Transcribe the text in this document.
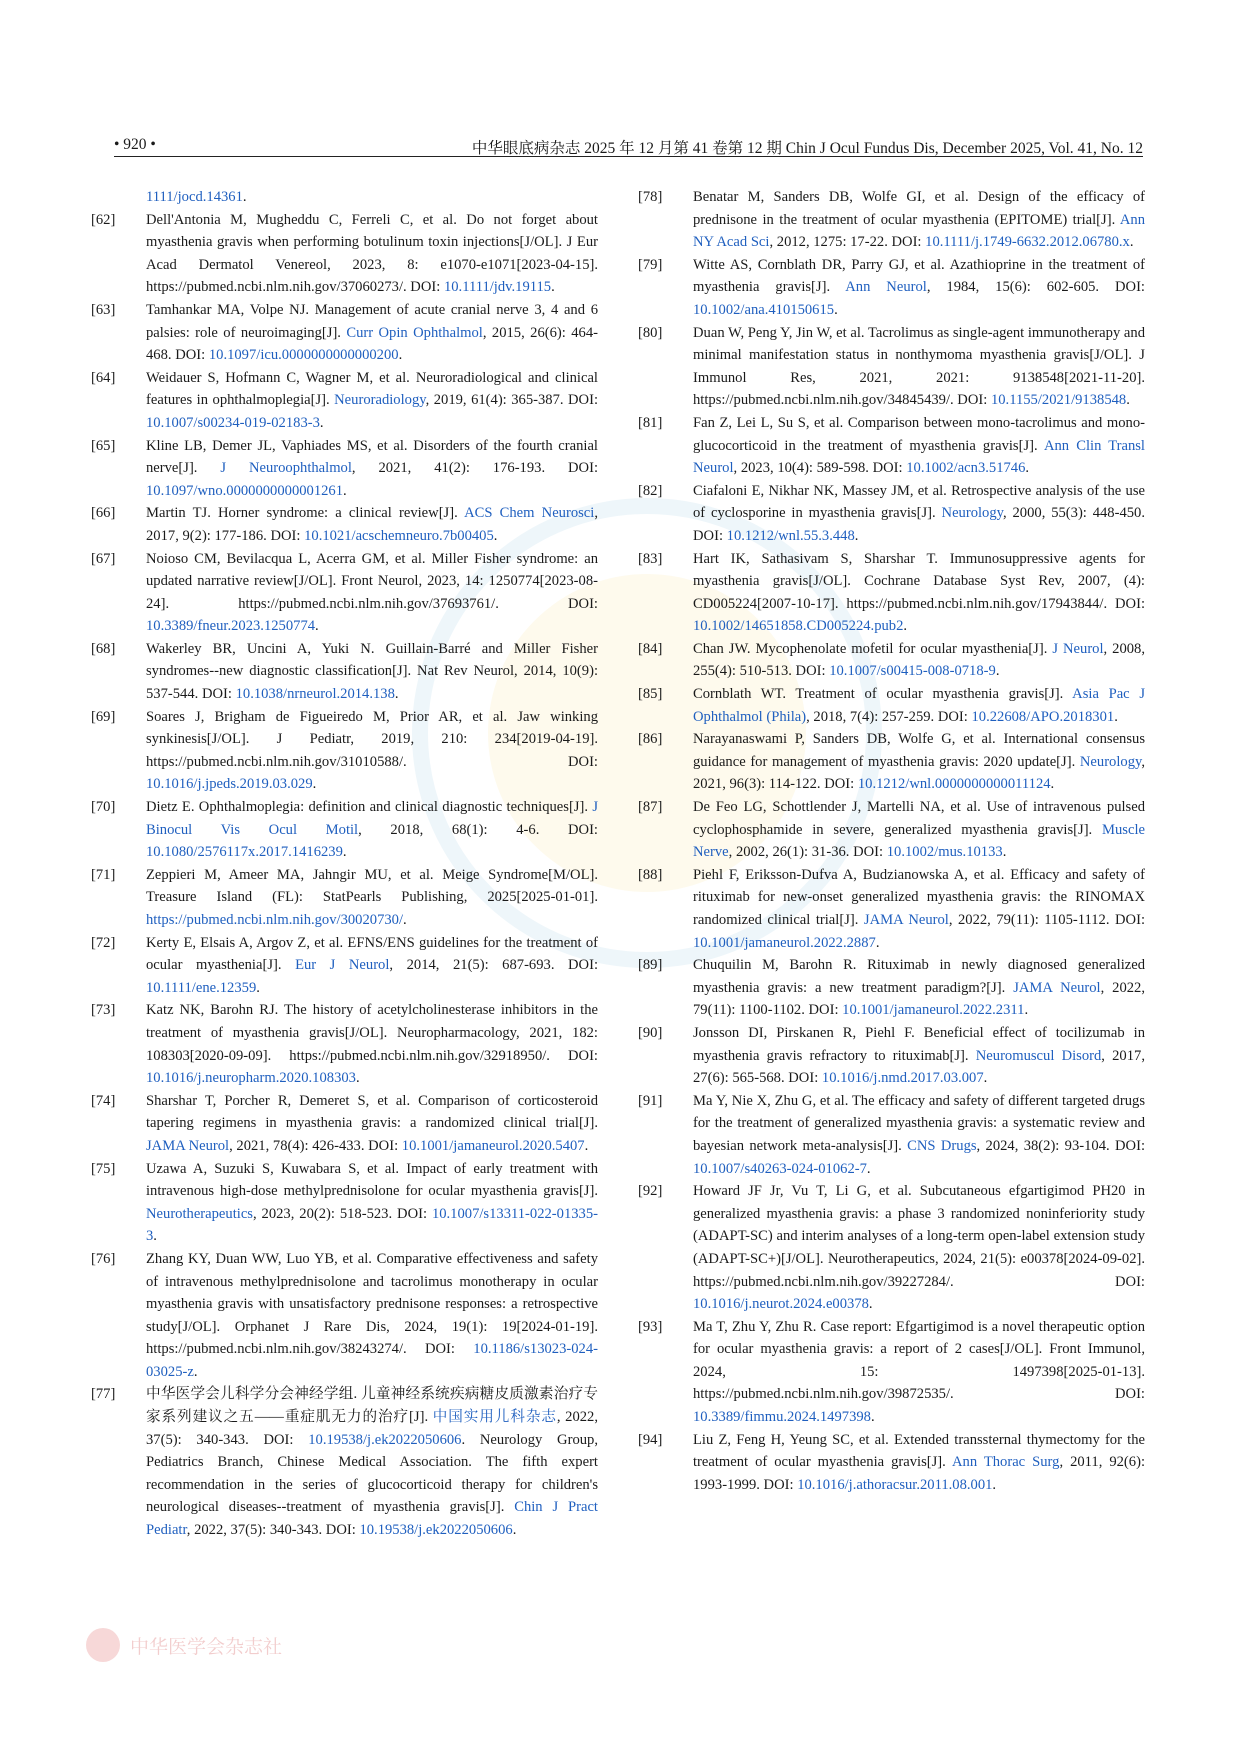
• 920 •	中华眼底病杂志 2025 年 12 月第 41 卷第 12 期 Chin J Ocul Fundus Dis, December 2025, Vol. 41, No. 12

1111/jocd.14361.

[62] Dell'Antonia M, Mugheddu C, Ferreli C, et al. Do not forget about myasthenia gravis when performing botulinum toxin injections[J/OL]. J Eur Acad Dermatol Venereol, 2023, 8: e1070-e1071[2023-04-15]. https://pubmed.ncbi.nlm.nih.gov/37060273/. DOI: 10.1111/jdv.19115.

[63] Tamhankar MA, Volpe NJ. Management of acute cranial nerve 3, 4 and 6 palsies: role of neuroimaging[J]. Curr Opin Ophthalmol, 2015, 26(6): 464-468. DOI: 10.1097/icu.0000000000000200.

[64] Weidauer S, Hofmann C, Wagner M, et al. Neuroradiological and clinical features in ophthalmoplegia[J]. Neuroradiology, 2019, 61(4): 365-387. DOI: 10.1007/s00234-019-02183-3.

[65] Kline LB, Demer JL, Vaphiades MS, et al. Disorders of the fourth cranial nerve[J]. J Neuroophthalmol, 2021, 41(2): 176-193. DOI: 10.1097/wno.0000000000001261.

[66] Martin TJ. Horner syndrome: a clinical review[J]. ACS Chem Neurosci, 2017, 9(2): 177-186. DOI: 10.1021/acschemneuro.7b00405.

[67] Noioso CM, Bevilacqua L, Acerra GM, et al. Miller Fisher syndrome: an updated narrative review[J/OL]. Front Neurol, 2023, 14: 1250774[2023-08-24]. https://pubmed.ncbi.nlm.nih.gov/37693761/. DOI: 10.3389/fneur.2023.1250774.

[68] Wakerley BR, Uncini A, Yuki N. Guillain-Barré and Miller Fisher syndromes--new diagnostic classification[J]. Nat Rev Neurol, 2014, 10(9): 537-544. DOI: 10.1038/nrneurol.2014.138.

[69] Soares J, Brigham de Figueiredo M, Prior AR, et al. Jaw winking synkinesis[J/OL]. J Pediatr, 2019, 210: 234[2019-04-19]. https://pubmed.ncbi.nlm.nih.gov/31010588/. DOI: 10.1016/j.jpeds.2019.03.029.

[70] Dietz E. Ophthalmoplegia: definition and clinical diagnostic techniques[J]. J Binocul Vis Ocul Motil, 2018, 68(1): 4-6. DOI: 10.1080/2576117x.2017.1416239.

[71] Zeppieri M, Ameer MA, Jahngir MU, et al. Meige Syndrome[M/OL]. Treasure Island (FL): StatPearls Publishing, 2025[2025-01-01]. https://pubmed.ncbi.nlm.nih.gov/30020730/.

[72] Kerty E, Elsais A, Argov Z, et al. EFNS/ENS guidelines for the treatment of ocular myasthenia[J]. Eur J Neurol, 2014, 21(5): 687-693. DOI: 10.1111/ene.12359.

[73] Katz NK, Barohn RJ. The history of acetylcholinesterase inhibitors in the treatment of myasthenia gravis[J/OL]. Neuropharmacology, 2021, 182: 108303[2020-09-09]. https://pubmed.ncbi.nlm.nih.gov/32918950/. DOI: 10.1016/j.neuropharm.2020.108303.

[74] Sharshar T, Porcher R, Demeret S, et al. Comparison of corticosteroid tapering regimens in myasthenia gravis: a randomized clinical trial[J]. JAMA Neurol, 2021, 78(4): 426-433. DOI: 10.1001/jamaneurol.2020.5407.

[75] Uzawa A, Suzuki S, Kuwabara S, et al. Impact of early treatment with intravenous high-dose methylprednisolone for ocular myasthenia gravis[J]. Neurotherapeutics, 2023, 20(2): 518-523. DOI: 10.1007/s13311-022-01335-3.

[76] Zhang KY, Duan WW, Luo YB, et al. Comparative effectiveness and safety of intravenous methylprednisolone and tacrolimus monotherapy in ocular myasthenia gravis with unsatisfactory prednisone responses: a retrospective study[J/OL]. Orphanet J Rare Dis, 2024, 19(1): 19[2024-01-19]. https://pubmed.ncbi.nlm.nih.gov/38243274/. DOI: 10.1186/s13023-024-03025-z.

[77] 中华医学会儿科学分会神经学组. 儿童神经系统疾病糖皮质激素治疗专家系列建议之五——重症肌无力的治疗[J]. 中国实用儿科杂志, 2022, 37(5): 340-343. DOI: 10.19538/j.ek2022050606. Neurology Group, Pediatrics Branch, Chinese Medical Association. The fifth expert recommendation in the series of glucocorticoid therapy for children's neurological diseases--treatment of myasthenia gravis[J]. Chin J Pract Pediatr, 2022, 37(5): 340-343. DOI: 10.19538/j.ek2022050606.

[78] Benatar M, Sanders DB, Wolfe GI, et al. Design of the efficacy of prednisone in the treatment of ocular myasthenia (EPITOME) trial[J]. Ann NY Acad Sci, 2012, 1275: 17-22. DOI: 10.1111/j.1749-6632.2012.06780.x.

[79] Witte AS, Cornblath DR, Parry GJ, et al. Azathioprine in the treatment of myasthenia gravis[J]. Ann Neurol, 1984, 15(6): 602-605. DOI: 10.1002/ana.410150615.

[80] Duan W, Peng Y, Jin W, et al. Tacrolimus as single-agent immunotherapy and minimal manifestation status in nonthymoma myasthenia gravis[J/OL]. J Immunol Res, 2021, 2021: 9138548[2021-11-20]. https://pubmed.ncbi.nlm.nih.gov/34845439/. DOI: 10.1155/2021/9138548.

[81] Fan Z, Lei L, Su S, et al. Comparison between mono-tacrolimus and mono-glucocorticoid in the treatment of myasthenia gravis[J]. Ann Clin Transl Neurol, 2023, 10(4): 589-598. DOI: 10.1002/acn3.51746.

[82] Ciafaloni E, Nikhar NK, Massey JM, et al. Retrospective analysis of the use of cyclosporine in myasthenia gravis[J]. Neurology, 2000, 55(3): 448-450. DOI: 10.1212/wnl.55.3.448.

[83] Hart IK, Sathasivam S, Sharshar T. Immunosuppressive agents for myasthenia gravis[J/OL]. Cochrane Database Syst Rev, 2007, (4): CD005224[2007-10-17]. https://pubmed.ncbi.nlm.nih.gov/17943844/. DOI: 10.1002/14651858.CD005224.pub2.

[84] Chan JW. Mycophenolate mofetil for ocular myasthenia[J]. J Neurol, 2008, 255(4): 510-513. DOI: 10.1007/s00415-008-0718-9.

[85] Cornblath WT. Treatment of ocular myasthenia gravis[J]. Asia Pac J Ophthalmol (Phila), 2018, 7(4): 257-259. DOI: 10.22608/APO.2018301.

[86] Narayanaswami P, Sanders DB, Wolfe G, et al. International consensus guidance for management of myasthenia gravis: 2020 update[J]. Neurology, 2021, 96(3): 114-122. DOI: 10.1212/wnl.0000000000011124.

[87] De Feo LG, Schottlender J, Martelli NA, et al. Use of intravenous pulsed cyclophosphamide in severe, generalized myasthenia gravis[J]. Muscle Nerve, 2002, 26(1): 31-36. DOI: 10.1002/mus.10133.

[88] Piehl F, Eriksson-Dufva A, Budzianowska A, et al. Efficacy and safety of rituximab for new-onset generalized myasthenia gravis: the RINOMAX randomized clinical trial[J]. JAMA Neurol, 2022, 79(11): 1105-1112. DOI: 10.1001/jamaneurol.2022.2887.

[89] Chuquilin M, Barohn R. Rituximab in newly diagnosed generalized myasthenia gravis: a new treatment paradigm?[J]. JAMA Neurol, 2022, 79(11): 1100-1102. DOI: 10.1001/jamaneurol.2022.2311.

[90] Jonsson DI, Pirskanen R, Piehl F. Beneficial effect of tocilizumab in myasthenia gravis refractory to rituximab[J]. Neuromuscul Disord, 2017, 27(6): 565-568. DOI: 10.1016/j.nmd.2017.03.007.

[91] Ma Y, Nie X, Zhu G, et al. The efficacy and safety of different targeted drugs for the treatment of generalized myasthenia gravis: a systematic review and bayesian network meta-analysis[J]. CNS Drugs, 2024, 38(2): 93-104. DOI: 10.1007/s40263-024-01062-7.

[92] Howard JF Jr, Vu T, Li G, et al. Subcutaneous efgartigimod PH20 in generalized myasthenia gravis: a phase 3 randomized noninferiority study (ADAPT-SC) and interim analyses of a long-term open-label extension study (ADAPT-SC+)[J/OL]. Neurotherapeutics, 2024, 21(5): e00378[2024-09-02]. https://pubmed.ncbi.nlm.nih.gov/39227284/. DOI: 10.1016/j.neurot.2024.e00378.

[93] Ma T, Zhu Y, Zhu R. Case report: Efgartigimod is a novel therapeutic option for ocular myasthenia gravis: a report of 2 cases[J/OL]. Front Immunol, 2024, 15: 1497398[2025-01-13]. https://pubmed.ncbi.nlm.nih.gov/39872535/. DOI: 10.3389/fimmu.2024.1497398.

[94] Liu Z, Feng H, Yeung SC, et al. Extended transsternal thymectomy for the treatment of ocular myasthenia gravis[J]. Ann Thorac Surg, 2011, 92(6): 1993-1999. DOI: 10.1016/j.athoracsur.2011.08.001.

中华医学会杂志社
